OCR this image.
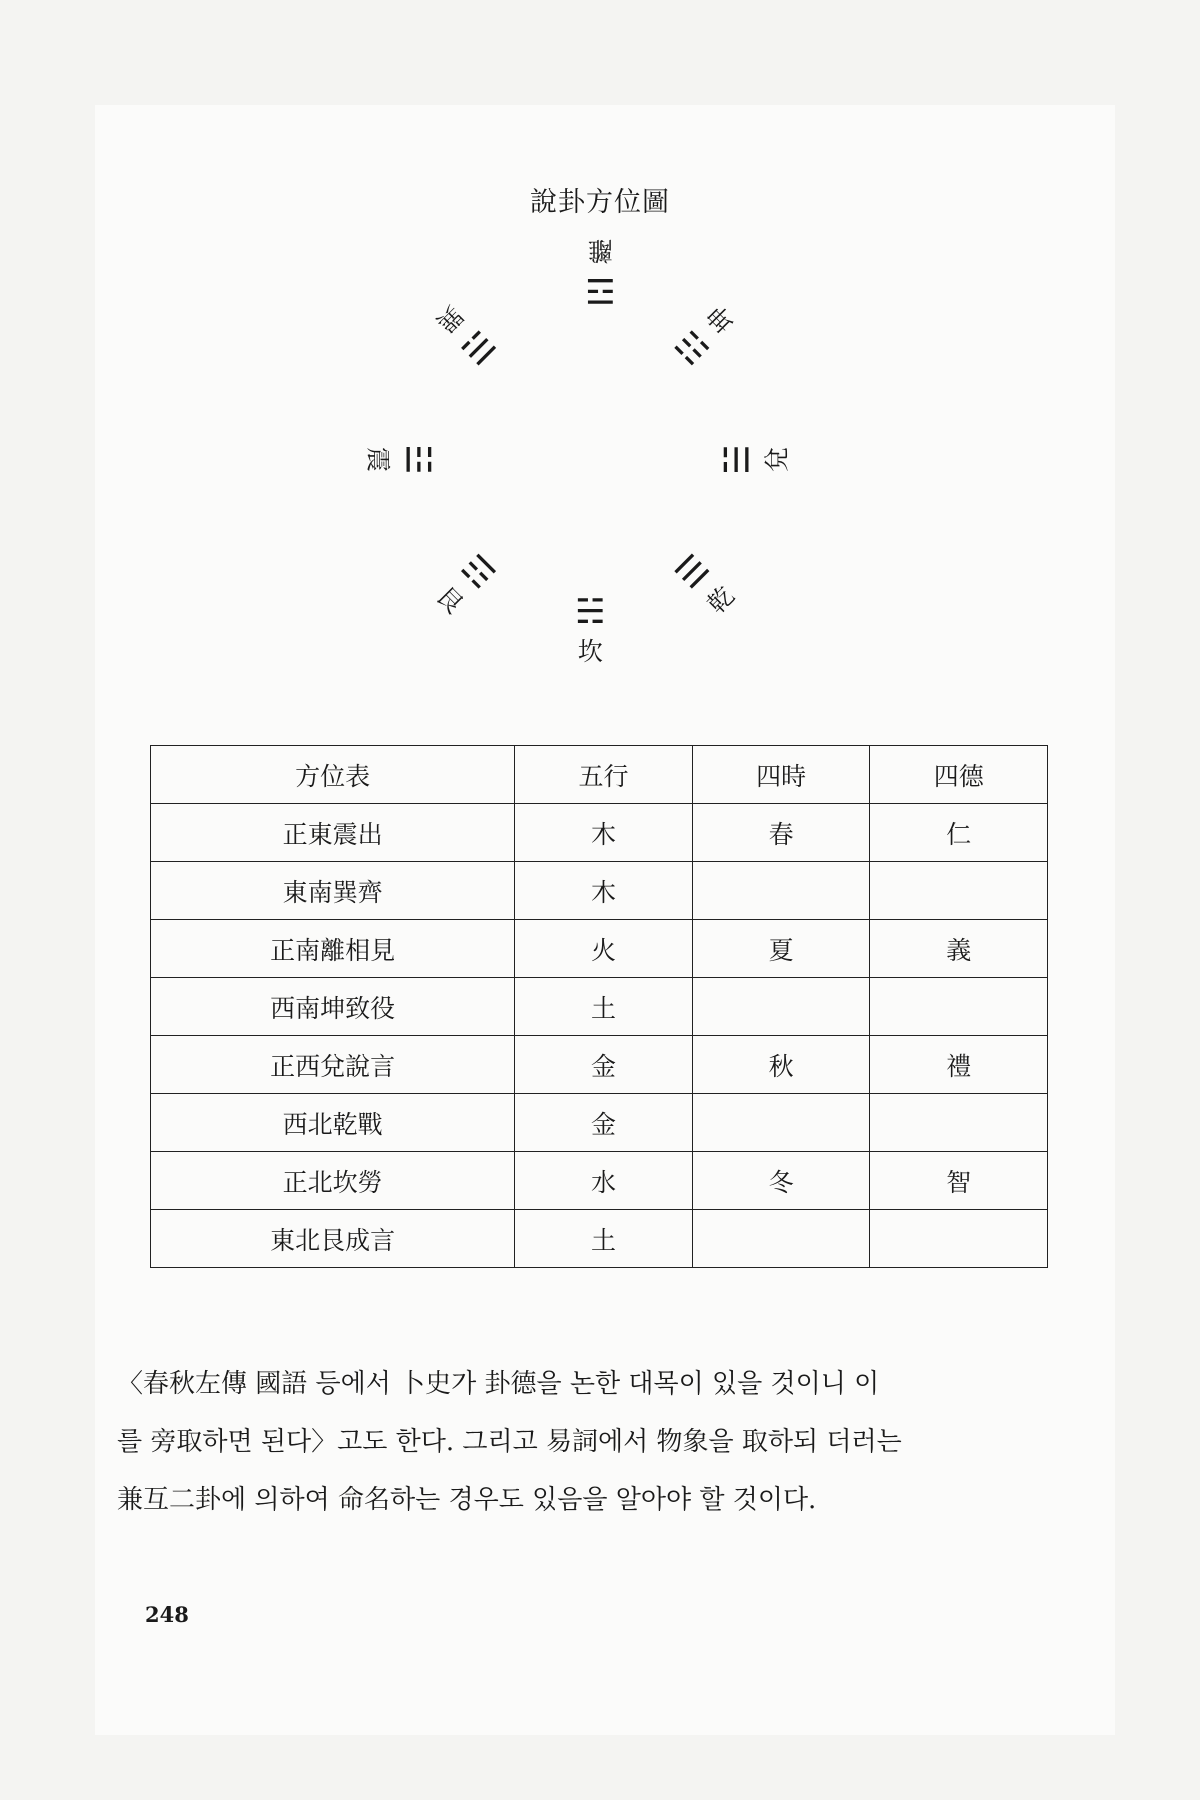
說卦方位圖
☲
離
☷
坤
☱ 兌
☰
乾
☵
坎
☶
艮
☳
震
☴
巽
方位表	五行	四時	四德
正東震出	木	春	仁
東南巽齊	木		
正南離相見	火	夏	義
西南坤致役	土		
正西兌說言	金	秋	禮
西北乾戰	金		
正北坎勞	水	冬	智
東北艮成言	土		

〈春秋左傳 國語 등에서 卜史가 卦德을 논한 대목이 있을 것이니 이

를 旁取하면 된다〉고도 한다. 그리고 易詞에서 物象을 取하되 더러는

兼互二卦에 의하여 命名하는 경우도 있음을 알아야 할 것이다.

248
